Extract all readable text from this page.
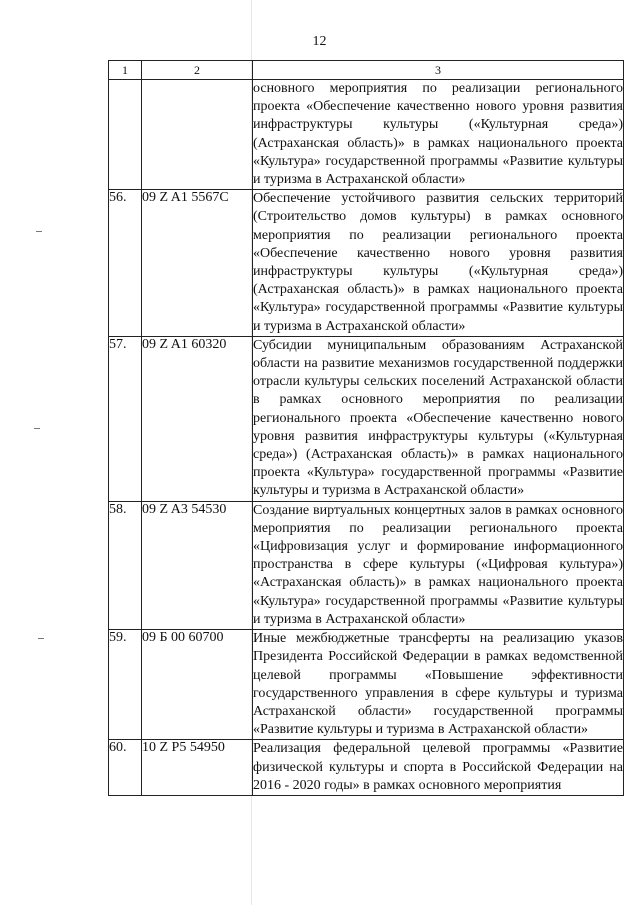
12
1	2	3
		основного мероприятия по реализации регионального проекта «Обеспечение качественно нового уровня развития инфраструктуры культуры («Культурная среда») (Астраханская область)» в рамках национального проекта «Культура» государственной программы «Развитие культуры и туризма в Астраханской области»
56.	09 Z A1 5567C	Обеспечение устойчивого развития сельских территорий (Строительство домов культуры) в рамках основного мероприятия по реализации регионального проекта «Обеспечение качественно нового уровня развития инфраструктуры культуры («Культурная среда») (Астраханская область)» в рамках национального проекта «Культура» государственной программы «Развитие культуры и туризма в Астраханской области»
57.	09 Z A1 60320	Субсидии муниципальным образованиям Астраханской области на развитие механизмов государственной поддержки отрасли культуры сельских поселений Астраханской области в рамках основного мероприятия по реализации регионального проекта «Обеспечение качественно нового уровня развития инфраструктуры культуры («Культурная среда») (Астраханская область)» в рамках национального проекта «Культура» государственной программы «Развитие культуры и туризма в Астраханской области»
58.	09 Z A3 54530	Создание виртуальных концертных залов в рамках основного мероприятия по реализации регионального проекта «Цифровизация услуг и формирование информационного пространства в сфере культуры («Цифровая культура») «Астраханская область)» в рамках национального проекта «Культура» государственной программы «Развитие культуры и туризма в Астраханской области»
59.	09 Б 00 60700	Иные межбюджетные трансферты на реализацию указов Президента Российской Федерации в рамках ведомственной целевой программы «Повышение эффективности государственного управления в сфере культуры и туризма Астраханской области» государственной программы «Развитие культуры и туризма в Астраханской области»
60.	10 Z P5 54950	Реализация федеральной целевой программы «Развитие физической культуры и спорта в Российской Федерации на 2016 - 2020 годы» в рамках основного мероприятия
